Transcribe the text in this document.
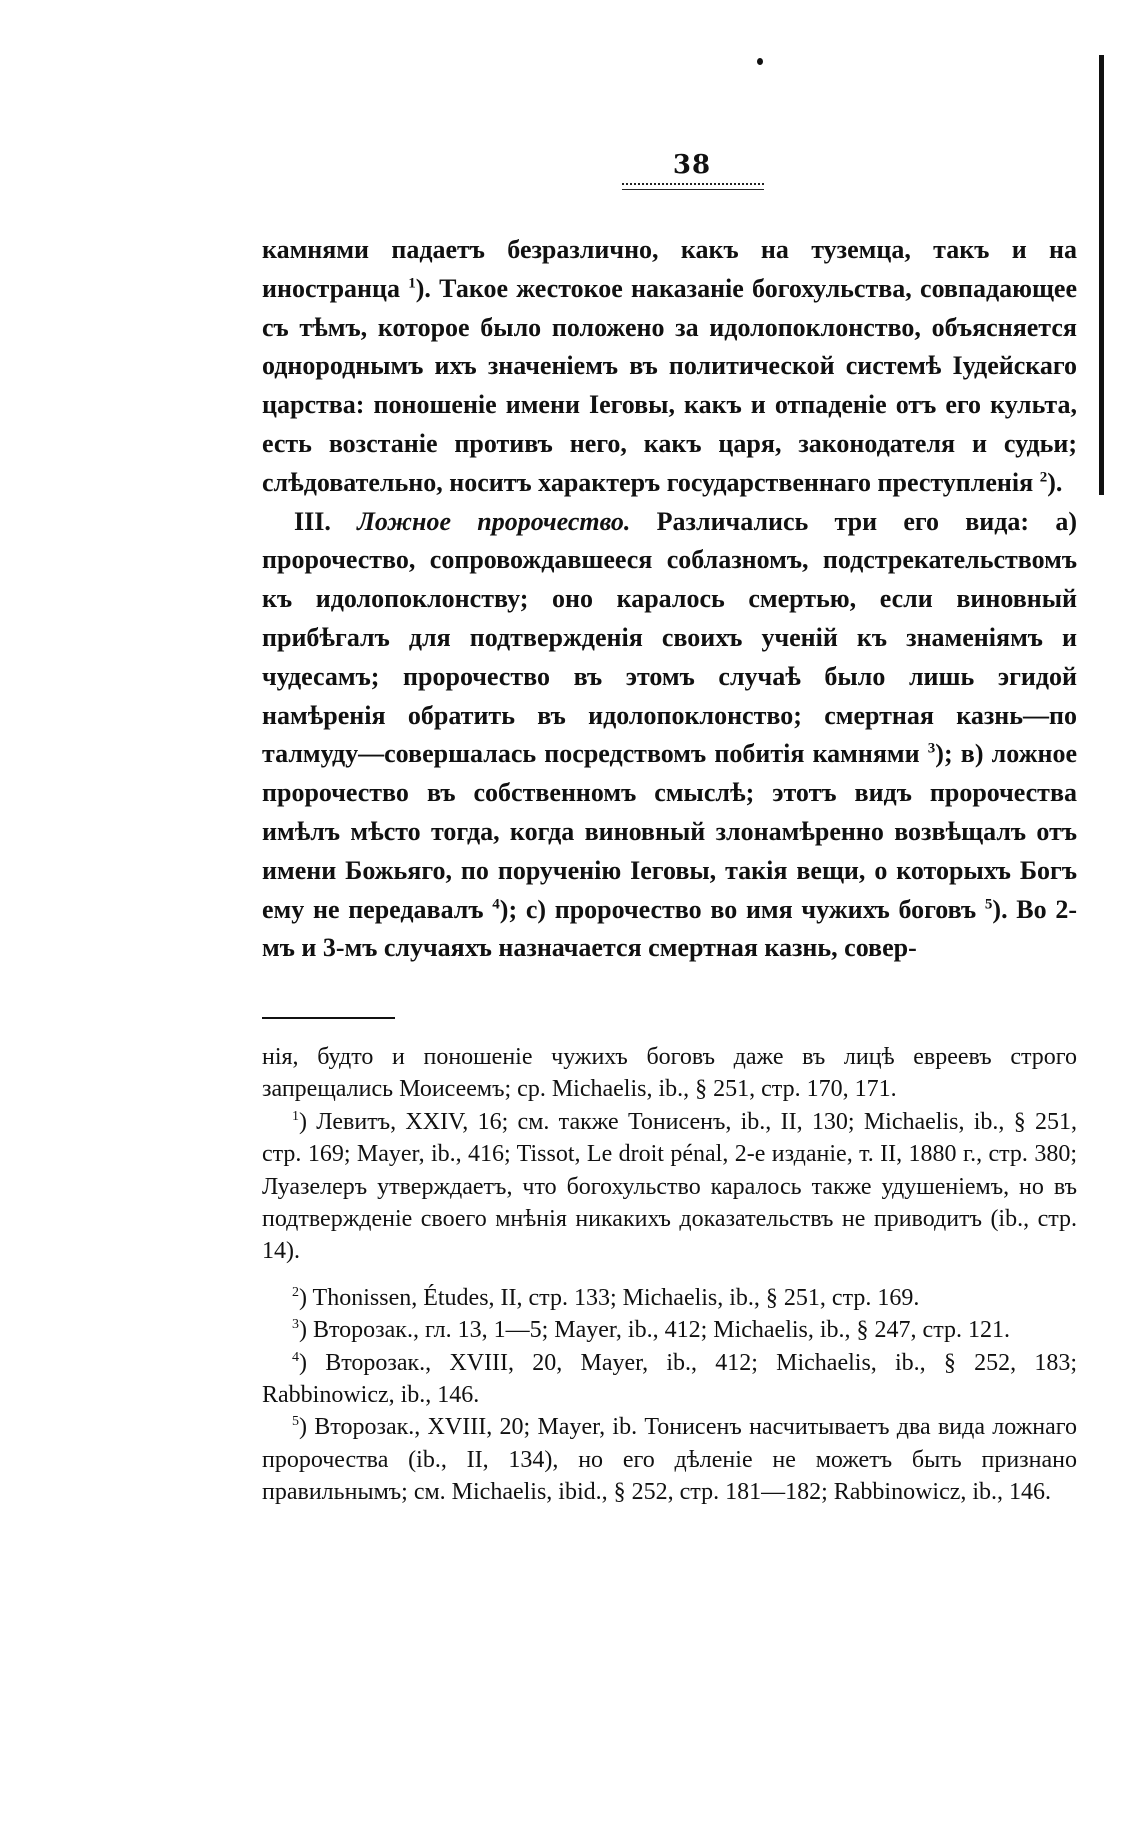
38

камнями падаетъ безразлично, какъ на туземца, такъ и на иностранца $^1$). Такое жестокое наказаніе богохульства, совпадающее съ тѣмъ, которое было положено за идолопоклонство, объясняется однороднымъ ихъ значеніемъ въ политической системѣ Іудейскаго царства: поношеніе имени Іеговы, какъ и отпаденіе отъ его культа, есть возстаніе противъ него, какъ царя, законодателя и судьи; слѣдовательно, носитъ характеръ государственнаго преступленія $^2$).

III. Ложное пророчество. Различались три его вида: а) пророчество, сопровождавшееся соблазномъ, подстрекательствомъ къ идолопоклонству; оно каралось смертью, если виновный прибѣгалъ для подтвержденія своихъ ученій къ знаменіямъ и чудесамъ; пророчество въ этомъ случаѣ было лишь эгидой намѣренія обратить въ идолопоклонство; смертная казнь—по талмуду—совершалась посредствомъ побитія камнями $^3$); в) ложное пророчество въ собственномъ смыслѣ; этотъ видъ пророчества имѣлъ мѣсто тогда, когда виновный злонамѣренно возвѣщалъ отъ имени Божьяго, по порученію Іеговы, такія вещи, о которыхъ Богъ ему не передавалъ $^4$); с) пророчество во имя чужихъ боговъ $^5$). Во 2-мъ и 3-мъ случаяхъ назначается смертная казнь, совер-

нія, будто и поношеніе чужихъ боговъ даже въ лицѣ евреевъ строго запрещались Моисеемъ; ср. Michaelis, ib., § 251, стр. 170, 171.

$^1$) Левитъ, XXIV, 16; см. также Тонисенъ, ib., II, 130; Michaelis, ib., § 251, стр. 169; Mayer, ib., 416; Tissot, Le droit pénal, 2-е изданіе, т. II, 1880 г., стр. 380; Луазелеръ утверждаетъ, что богохульство каралось также удушеніемъ, но въ подтвержденіе своего мнѣнія никакихъ доказательствъ не приводитъ (ib., стр. 14).

$^2$) Thonissen, Études, II, стр. 133; Michaelis, ib., § 251, стр. 169.

$^3$) Второзак., гл. 13, 1—5; Mayer, ib., 412; Michaelis, ib., § 247, стр. 121.

$^4$) Второзак., XVIII, 20, Mayer, ib., 412; Michaelis, ib., § 252, 183; Rabbinowicz, ib., 146.

$^5$) Второзак., XVIII, 20; Mayer, ib. Тонисенъ насчитываетъ два вида ложнаго пророчества (ib., II, 134), но его дѣленіе не можетъ быть признано правильнымъ; см. Michaelis, ibid., § 252, стр. 181—182; Rabbinowicz, ib., 146.
